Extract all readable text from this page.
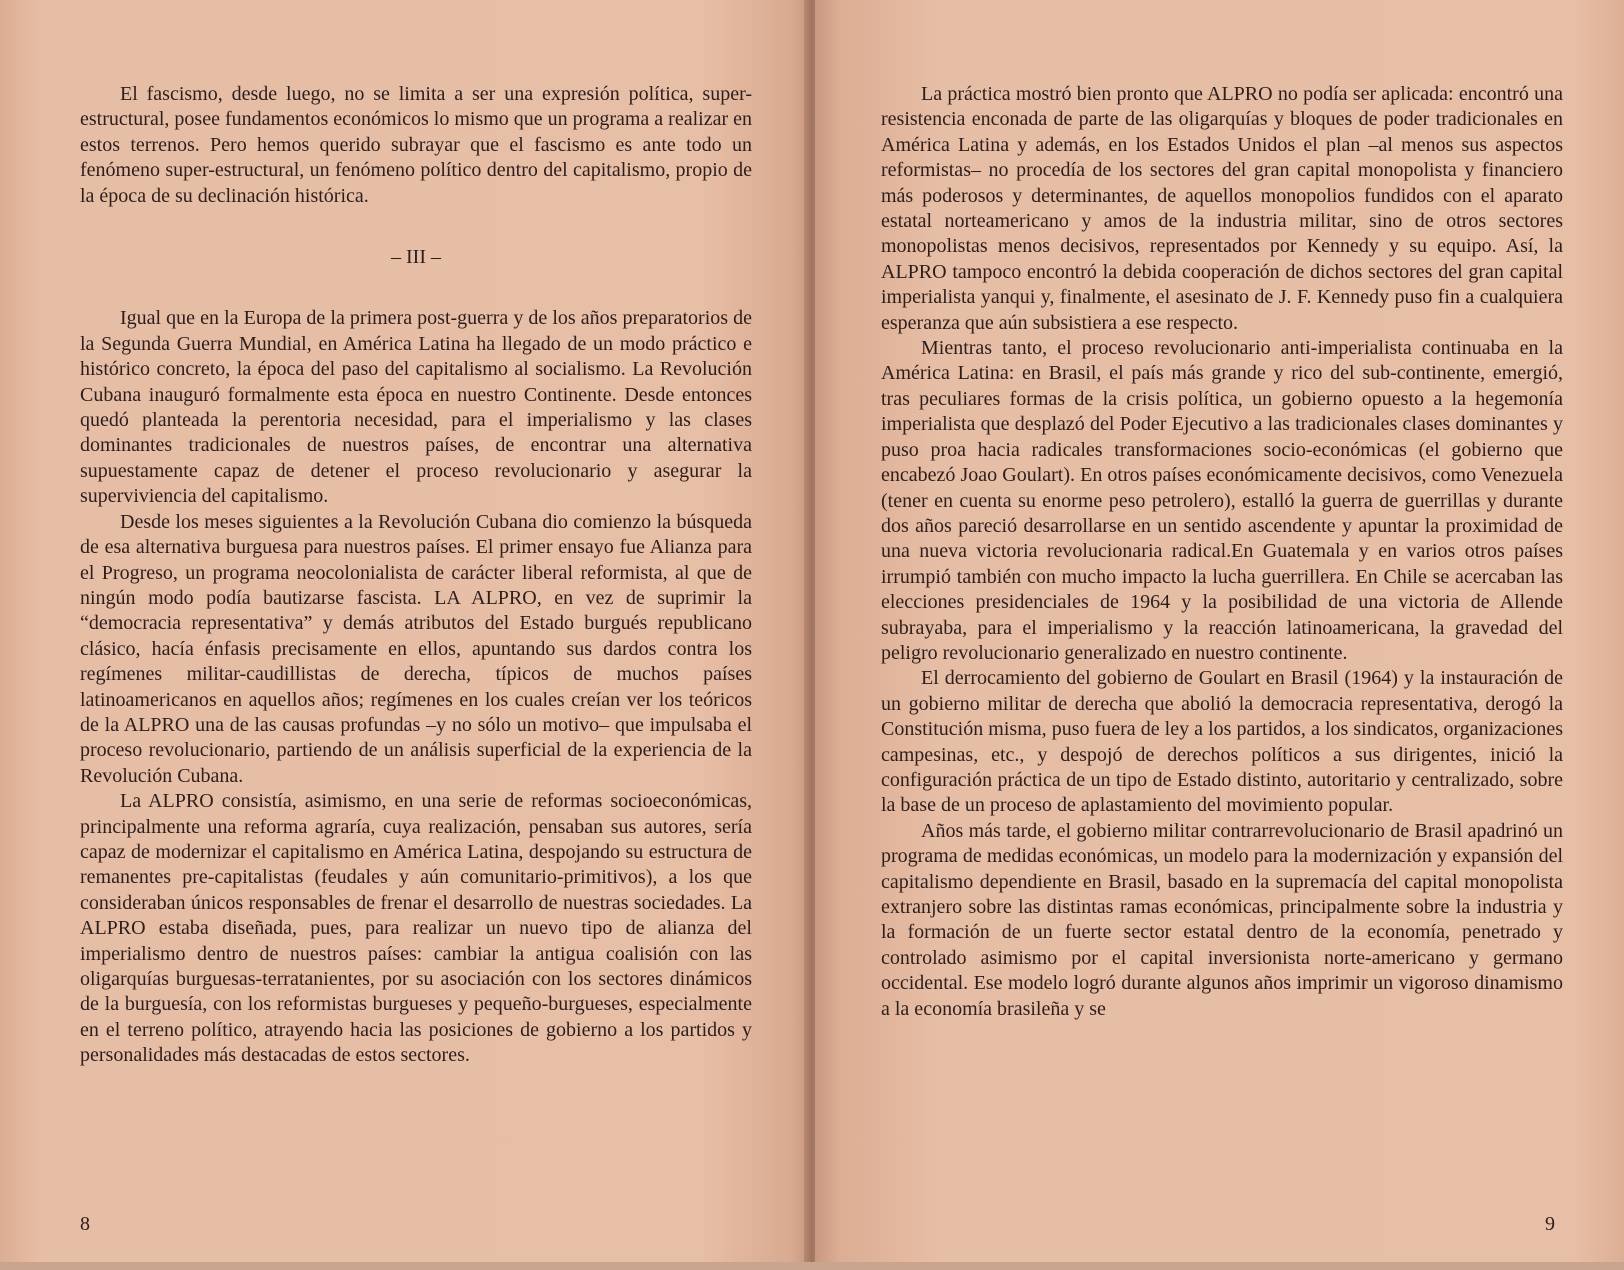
El fascismo, desde luego, no se limita a ser una expresión política, super-estructural, posee fundamentos económicos lo mismo que un programa a realizar en estos terrenos. Pero hemos querido subrayar que el fascismo es ante todo un fenómeno super-estructural, un fenómeno político dentro del capitalismo, propio de la época de su declinación histórica.

– III –

Igual que en la Europa de la primera post-guerra y de los años preparatorios de la Segunda Guerra Mundial, en América Latina ha llegado de un modo práctico e histórico concreto, la época del paso del capitalismo al socialismo. La Revolución Cubana inauguró formalmente esta época en nuestro Continente. Desde entonces quedó planteada la perentoria necesidad, para el imperialismo y las clases dominantes tradicionales de nuestros países, de encontrar una alternativa supuestamente capaz de detener el proceso revolucionario y asegurar la superviviencia del capitalismo.

Desde los meses siguientes a la Revolución Cubana dio comienzo la búsqueda de esa alternativa burguesa para nuestros países. El primer ensayo fue Alianza para el Progreso, un programa neocolonialista de carácter liberal reformista, al que de ningún modo podía bautizarse fascista. LA ALPRO, en vez de suprimir la “democracia representativa” y demás atributos del Estado burgués republicano clásico, hacía énfasis precisamente en ellos, apuntando sus dardos contra los regímenes militar-caudillistas de derecha, típicos de muchos países latinoamericanos en aquellos años; regímenes en los cuales creían ver los teóricos de la ALPRO una de las causas profundas –y no sólo un motivo– que impulsaba el proceso revolucionario, partiendo de un análisis superficial de la experiencia de la Revolución Cubana.

La ALPRO consistía, asimismo, en una serie de reformas socioeconómicas, principalmente una reforma agraría, cuya realización, pensaban sus autores, sería capaz de modernizar el capitalismo en América Latina, despojando su estructura de remanentes pre-capitalistas (feudales y aún comunitario-primitivos), a los que consideraban únicos responsables de frenar el desarrollo de nuestras sociedades. La ALPRO estaba diseñada, pues, para realizar un nuevo tipo de alianza del imperialismo dentro de nuestros países: cambiar la antigua coalisión con las oligarquías burguesas-terratanientes, por su asociación con los sectores dinámicos de la burguesía, con los reformistas burgueses y pequeño-burgueses, especialmente en el terreno político, atrayendo hacia las posiciones de gobierno a los partidos y personalidades más destacadas de estos sectores.

8

La práctica mostró bien pronto que ALPRO no podía ser aplicada: encontró una resistencia enconada de parte de las oligarquías y bloques de poder tradicionales en América Latina y además, en los Estados Unidos el plan –al menos sus aspectos reformistas– no procedía de los sectores del gran capital monopolista y financiero más poderosos y determinantes, de aquellos monopolios fundidos con el aparato estatal norteamericano y amos de la industria militar, sino de otros sectores monopolistas menos decisivos, representados por Kennedy y su equipo. Así, la ALPRO tampoco encontró la debida cooperación de dichos sectores del gran capital imperialista yanqui y, finalmente, el asesinato de J. F. Kennedy puso fin a cualquiera esperanza que aún subsistiera a ese respecto.

Mientras tanto, el proceso revolucionario anti-imperialista continuaba en la América Latina: en Brasil, el país más grande y rico del sub-continente, emergió, tras peculiares formas de la crisis política, un gobierno opuesto a la hegemonía imperialista que desplazó del Poder Ejecutivo a las tradicionales clases dominantes y puso proa hacia radicales transformaciones socio-económicas (el gobierno que encabezó Joao Goulart). En otros países económicamente decisivos, como Venezuela (tener en cuenta su enorme peso petrolero), estalló la guerra de guerrillas y durante dos años pareció desarrollarse en un sentido ascendente y apuntar la proximidad de una nueva victoria revolucionaria radical.En Guatemala y en varios otros países irrumpió también con mucho impacto la lucha guerrillera. En Chile se acercaban las elecciones presidenciales de 1964 y la posibilidad de una victoria de Allende subrayaba, para el imperialismo y la reacción latinoamericana, la gravedad del peligro revolucionario generalizado en nuestro continente.

El derrocamiento del gobierno de Goulart en Brasil (1964) y la instauración de un gobierno militar de derecha que abolió la democracia representativa, derogó la Constitución misma, puso fuera de ley a los partidos, a los sindicatos, organizaciones campesinas, etc., y despojó de derechos políticos a sus dirigentes, inició la configuración práctica de un tipo de Estado distinto, autoritario y centralizado, sobre la base de un proceso de aplastamiento del movimiento popular.

Años más tarde, el gobierno militar contrarrevolucionario de Brasil apadrinó un programa de medidas económicas, un modelo para la modernización y expansión del capitalismo dependiente en Brasil, basado en la supremacía del capital monopolista extranjero sobre las distintas ramas económicas, principalmente sobre la industria y la formación de un fuerte sector estatal dentro de la economía, penetrado y controlado asimismo por el capital inversionista norte-americano y germano occidental. Ese modelo logró durante algunos años imprimir un vigoroso dinamismo a la economía brasileña y se

9
